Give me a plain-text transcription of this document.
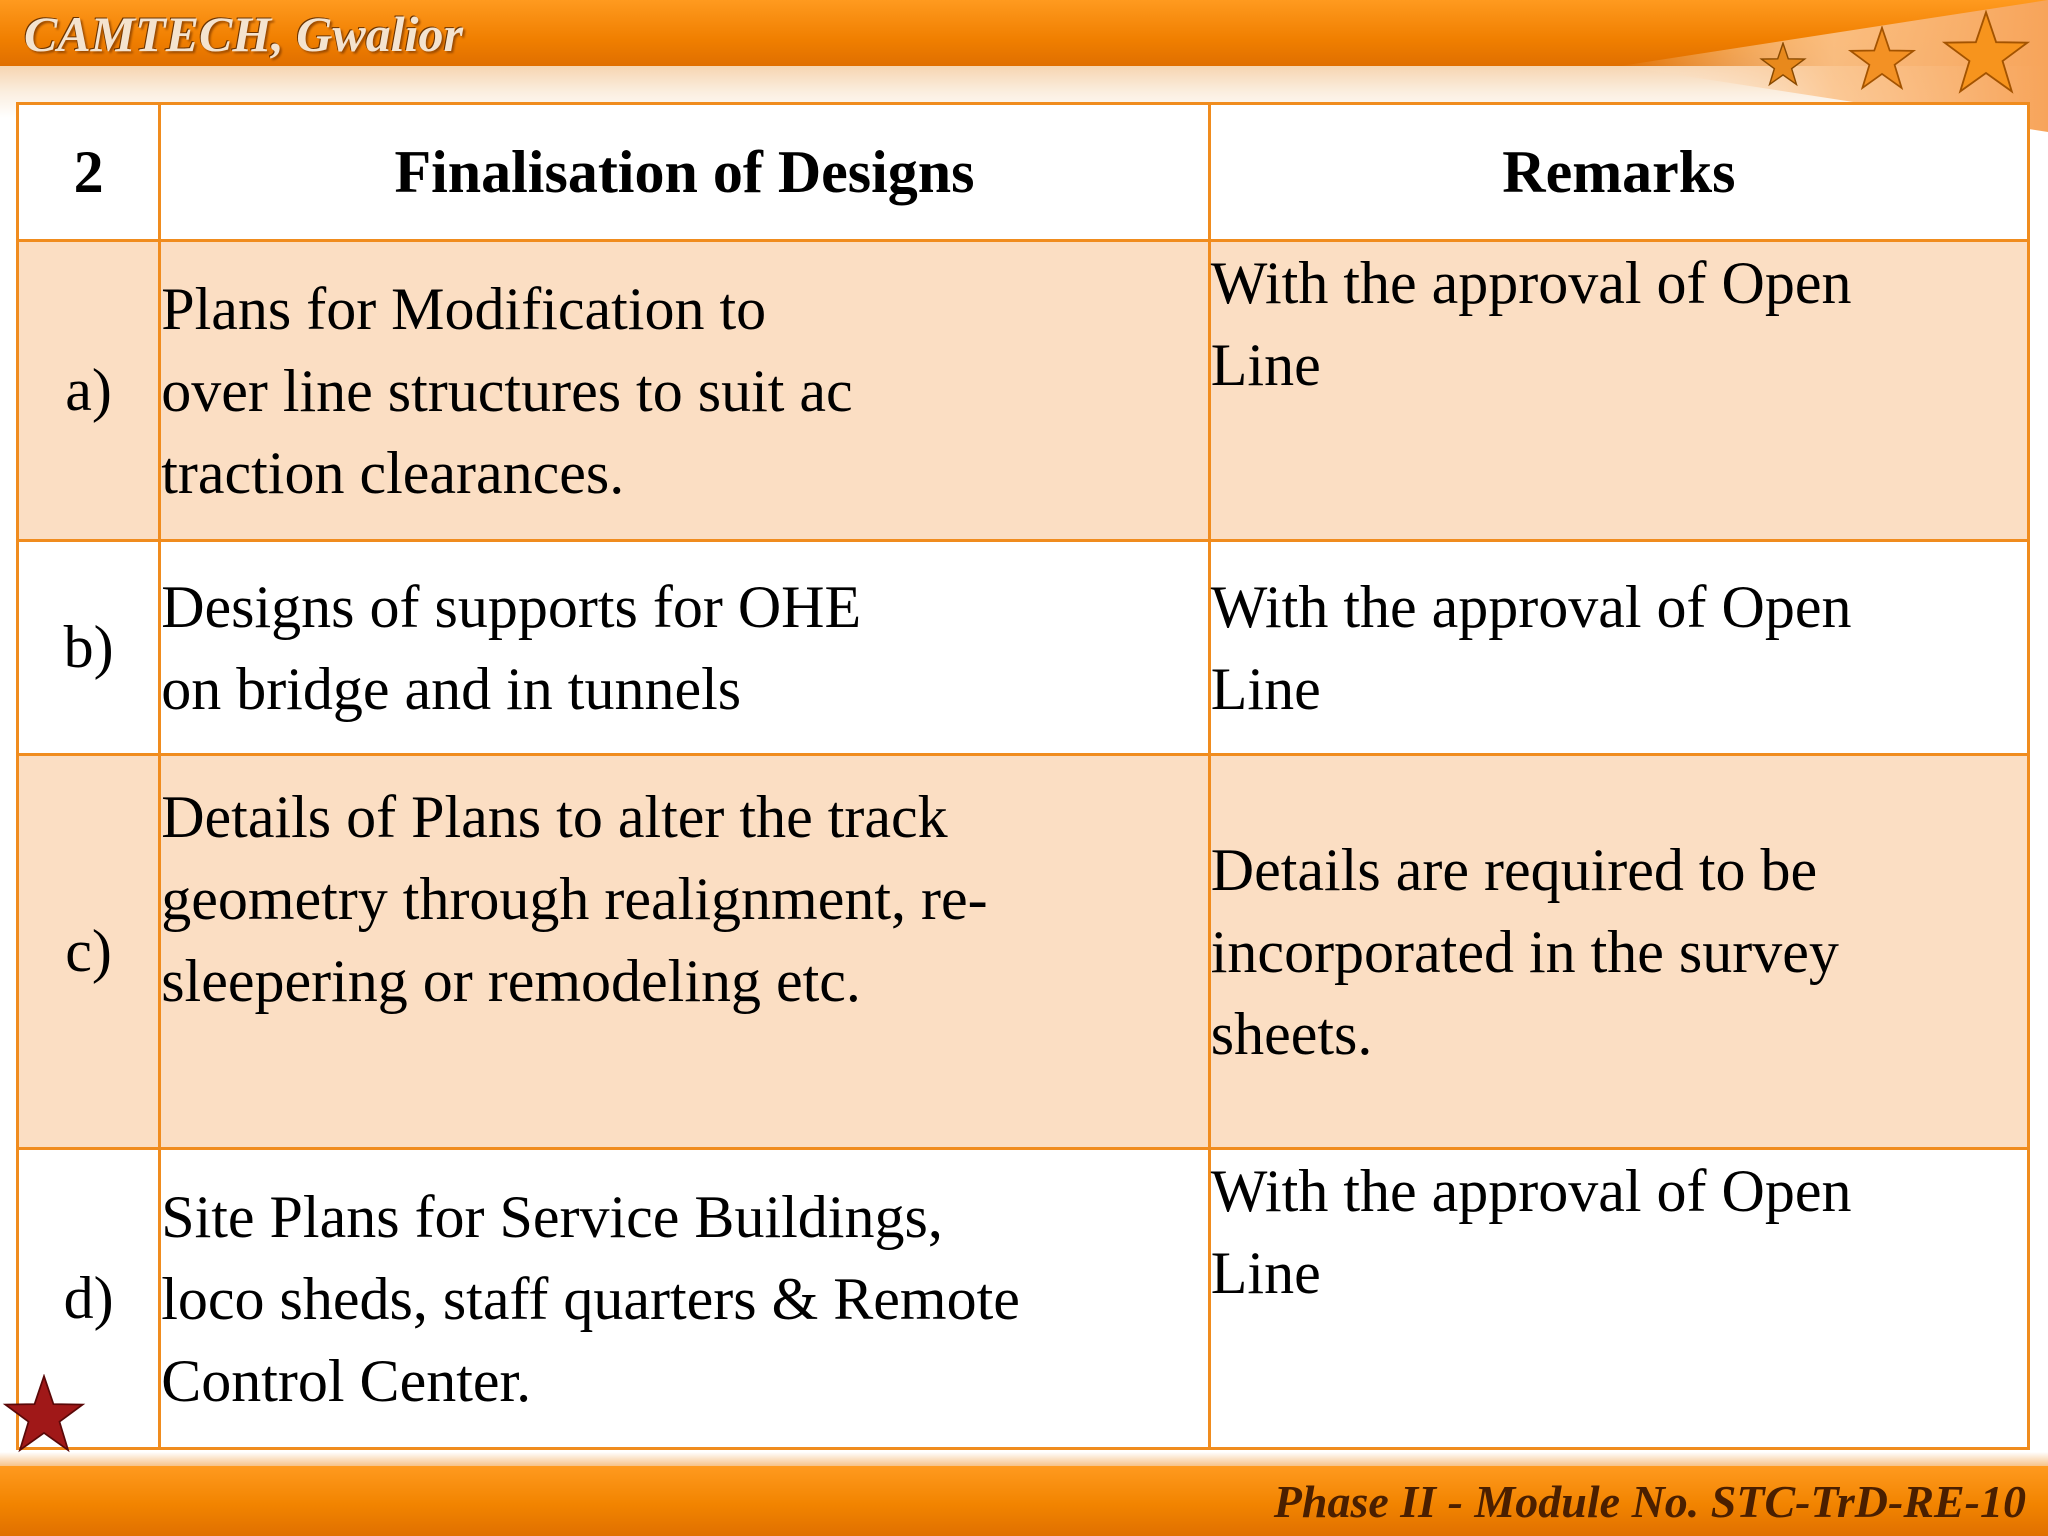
CAMTECH, Gwalior
2	Finalisation of Designs	Remarks
a)	Plans for Modification to
over line structures to suit ac
traction clearances.	With the approval of Open
Line

b)	Designs of supports for OHE
on bridge and in tunnels	With the approval of Open
Line

c)	Details of Plans to alter the track
geometry through realignment, re-
sleepering or remodeling etc.	Details are required to be
incorporated in the survey
sheets.

d)	Site Plans for Service Buildings,
loco sheds, staff quarters & Remote
Control Center.	With the approval of Open
Line
Phase II - Module No. STC-TrD-RE-10
